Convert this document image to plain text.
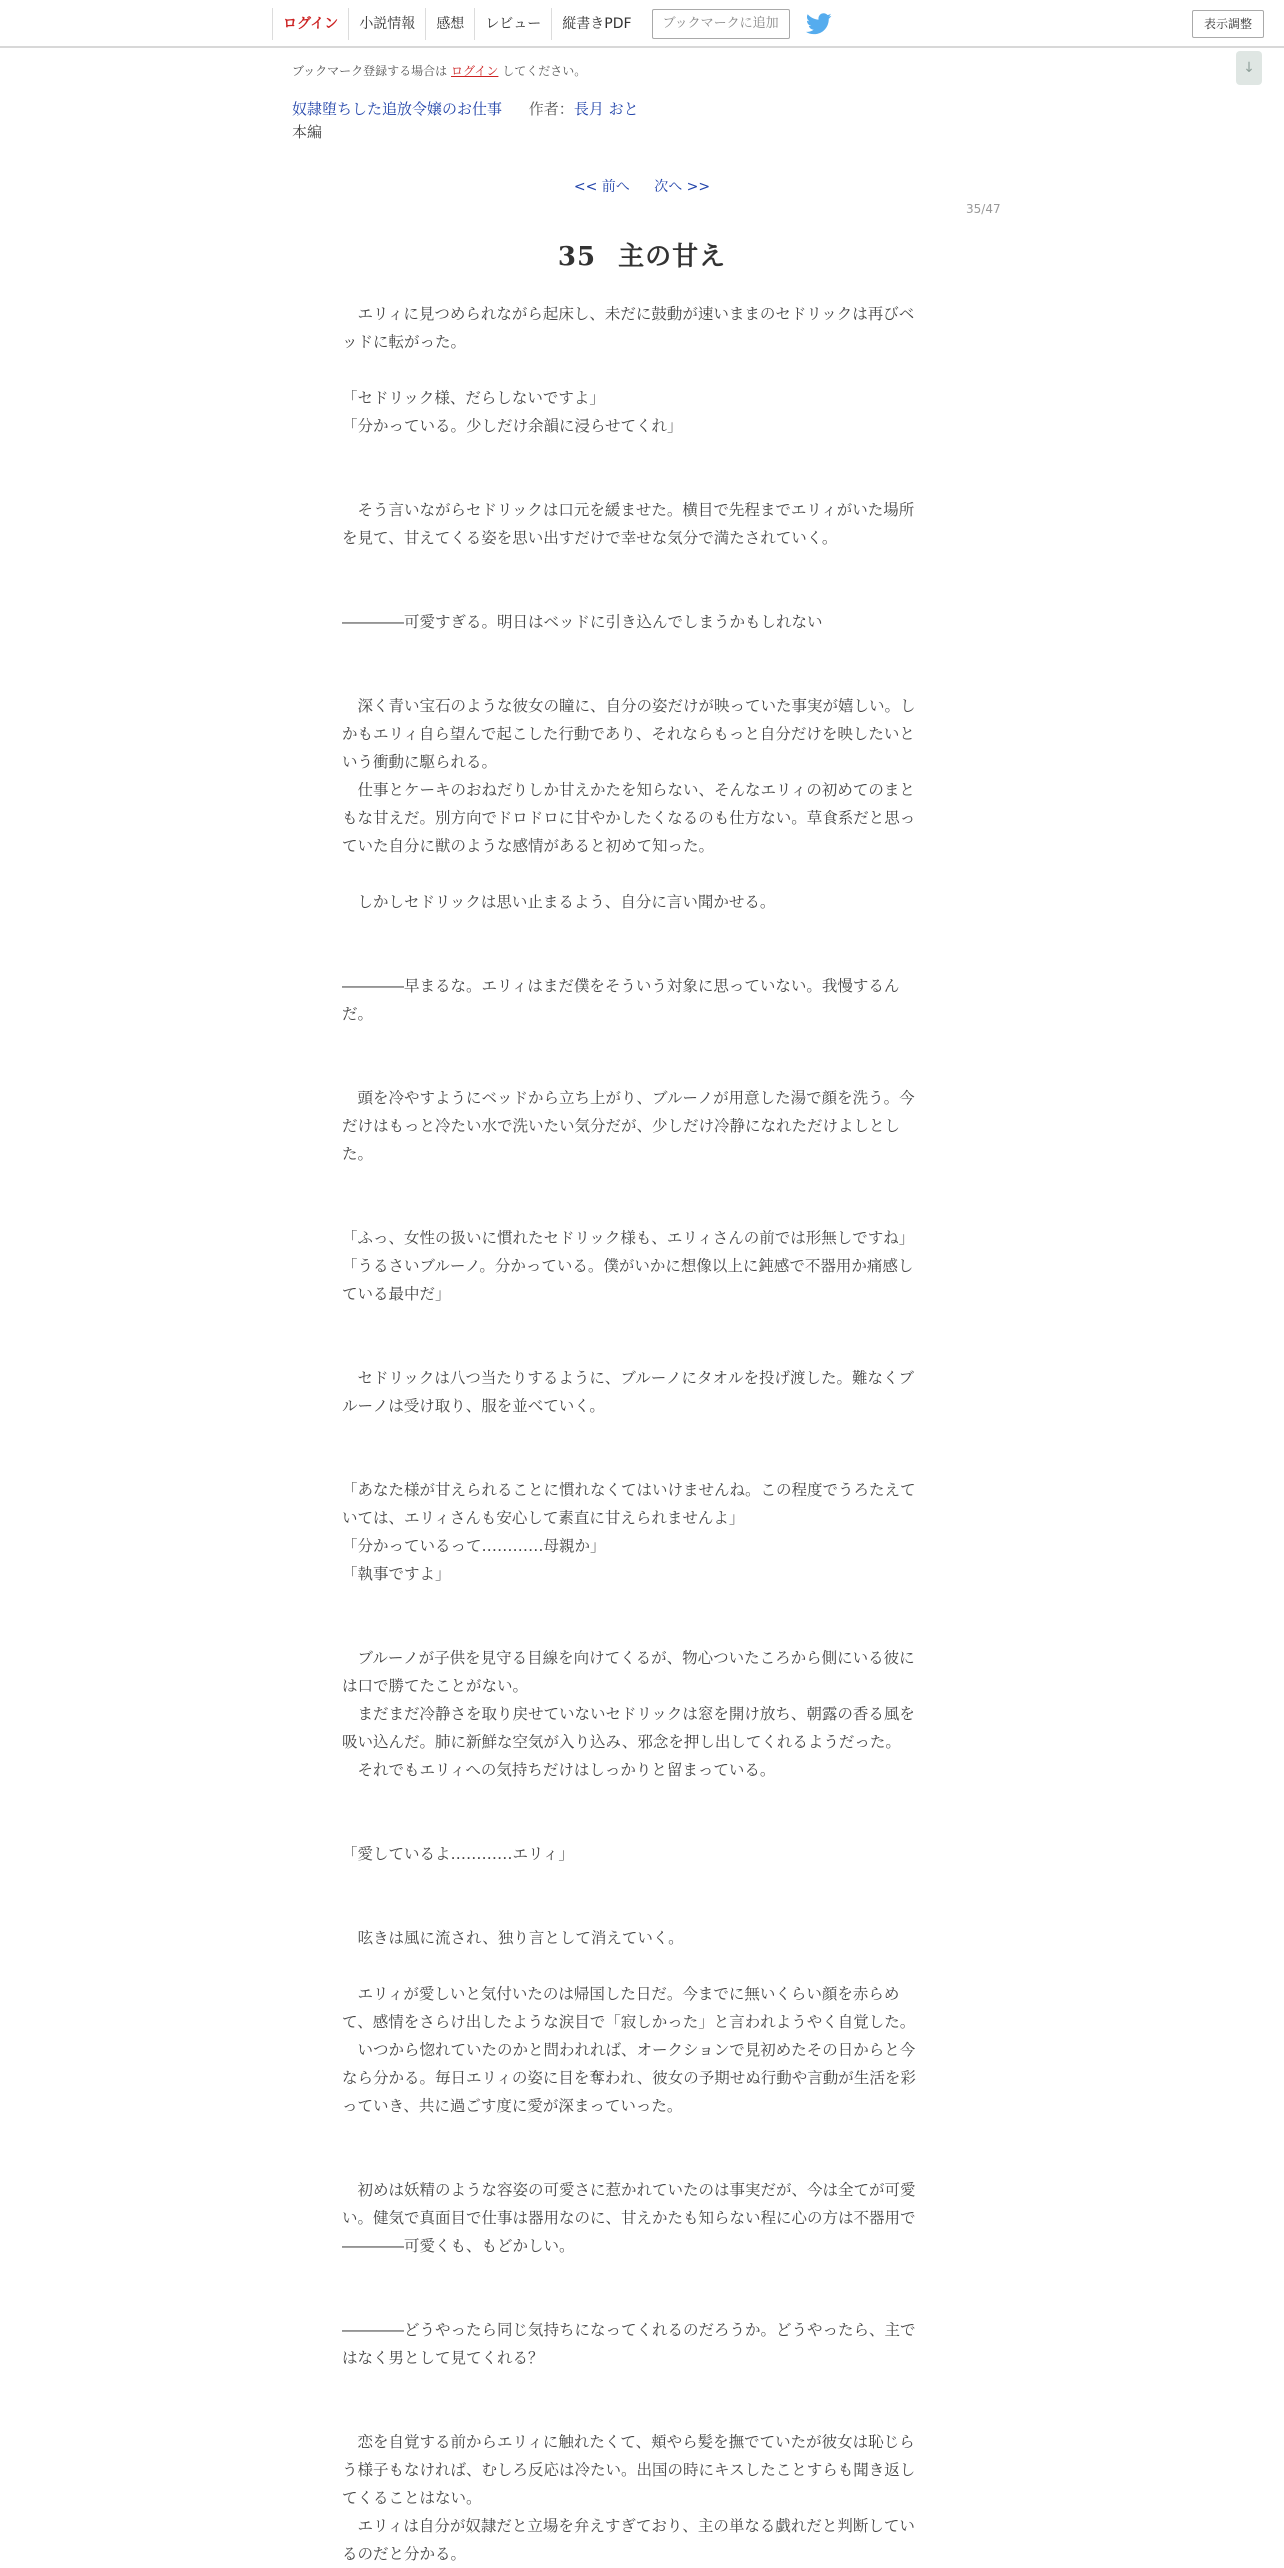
ログイン	小説情報	感想	レビュー	縦書きPDF	ブックマークに追加	表示調整
↓
ブックマーク登録する場合は ログイン してください。
奴隷堕ちした追放令嬢のお仕事 作者：長月 おと
本編
<< 前へ 次へ >>
35/47
35 主の甘え
　エリィに見つめられながら起床し、未だに鼓動が速いままのセドリックは再びベ
ッドに転がった。
「セドリック様、だらしないですよ」
「分かっている。少しだけ余韻に浸らせてくれ」
　そう言いながらセドリックは口元を緩ませた。横目で先程までエリィがいた場所
を見て、甘えてくる姿を思い出すだけで幸せな気分で満たされていく。
――――可愛すぎる。明日はベッドに引き込んでしまうかもしれない
　深く青い宝石のような彼女の瞳に、自分の姿だけが映っていた事実が嬉しい。し
かもエリィ自ら望んで起こした行動であり、それならもっと自分だけを映したいと
いう衝動に駆られる。
　仕事とケーキのおねだりしか甘えかたを知らない、そんなエリィの初めてのまと
もな甘えだ。別方向でドロドロに甘やかしたくなるのも仕方ない。草食系だと思っ
ていた自分に獣のような感情があると初めて知った。
　しかしセドリックは思い止まるよう、自分に言い聞かせる。
――――早まるな。エリィはまだ僕をそういう対象に思っていない。我慢するん
だ。
　頭を冷やすようにベッドから立ち上がり、ブルーノが用意した湯で顔を洗う。今
だけはもっと冷たい水で洗いたい気分だが、少しだけ冷静になれただけよしとし
た。
「ふっ、女性の扱いに慣れたセドリック様も、エリィさんの前では形無しですね」
「うるさいブルーノ。分かっている。僕がいかに想像以上に鈍感で不器用か痛感し
ている最中だ」
　セドリックは八つ当たりするように、ブルーノにタオルを投げ渡した。難なくブ
ルーノは受け取り、服を並べていく。
「あなた様が甘えられることに慣れなくてはいけませんね。この程度でうろたえて
いては、エリィさんも安心して素直に甘えられませんよ」
「分かっているって…………母親か」
「執事ですよ」
　ブルーノが子供を見守る目線を向けてくるが、物心ついたころから側にいる彼に
は口で勝てたことがない。
　まだまだ冷静さを取り戻せていないセドリックは窓を開け放ち、朝露の香る風を
吸い込んだ。肺に新鮮な空気が入り込み、邪念を押し出してくれるようだった。
　それでもエリィへの気持ちだけはしっかりと留まっている。
「愛しているよ…………エリィ」
　呟きは風に流され、独り言として消えていく。
　エリィが愛しいと気付いたのは帰国した日だ。今までに無いくらい顔を赤らめ
て、感情をさらけ出したような涙目で「寂しかった」と言われようやく自覚した。
　いつから惚れていたのかと問われれば、オークションで見初めたその日からと今
なら分かる。毎日エリィの姿に目を奪われ、彼女の予期せぬ行動や言動が生活を彩
っていき、共に過ごす度に愛が深まっていった。
　初めは妖精のような容姿の可愛さに惹かれていたのは事実だが、今は全てが可愛
い。健気で真面目で仕事は器用なのに、甘えかたも知らない程に心の方は不器用で
――――可愛くも、もどかしい。
――――どうやったら同じ気持ちになってくれるのだろうか。どうやったら、主で
はなく男として見てくれる？
　恋を自覚する前からエリィに触れたくて、頬やら髪を撫でていたが彼女は恥じら
う様子もなければ、むしろ反応は冷たい。出国の時にキスしたことすらも聞き返し
てくることはない。
　エリィは自分が奴隷だと立場を弁えすぎており、主の単なる戯れだと判断してい
るのだと分かる。
